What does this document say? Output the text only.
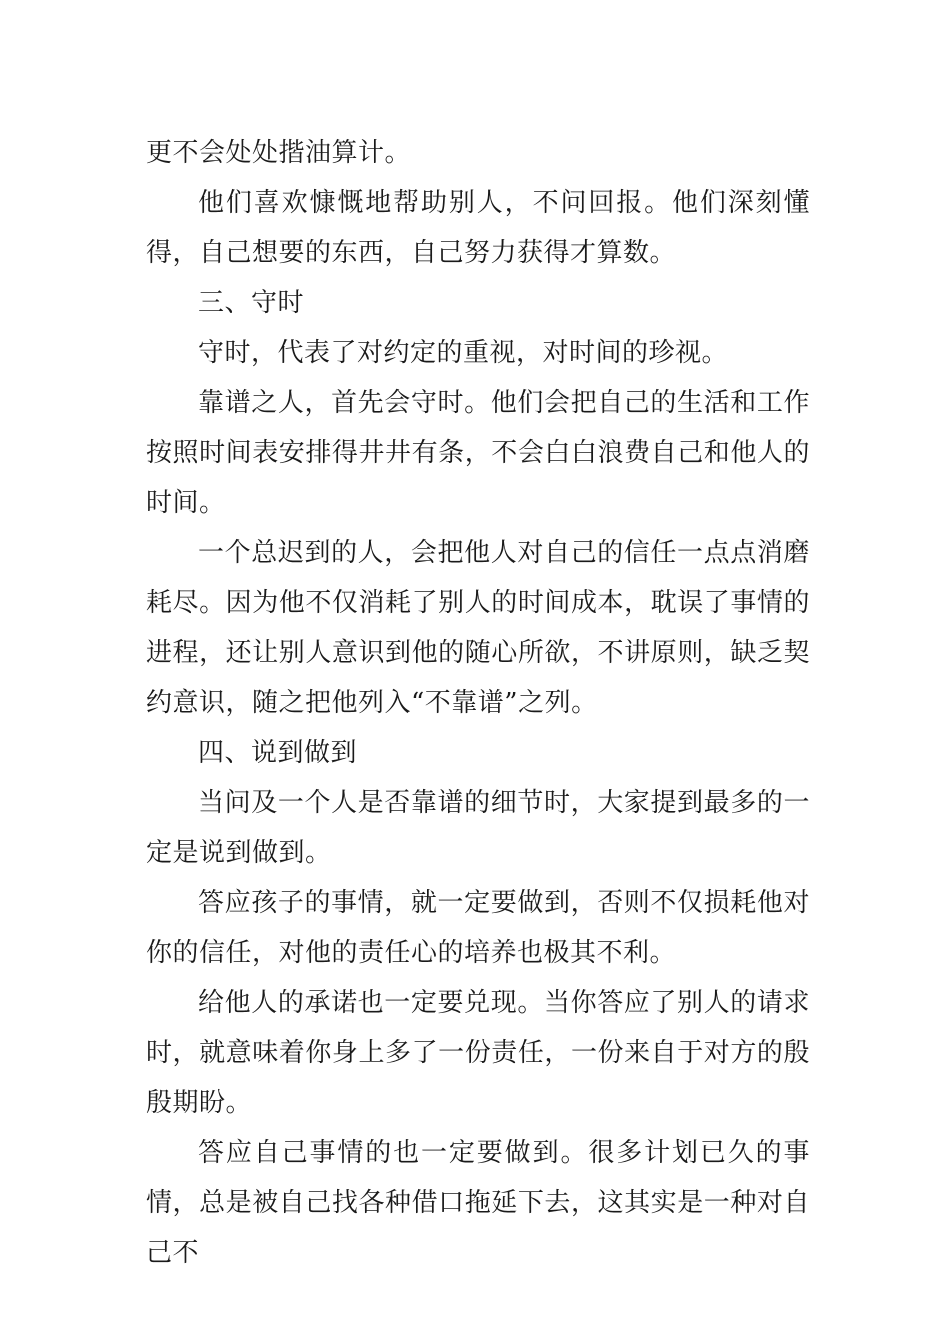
更不会处处揩油算计。

他们喜欢慷慨地帮助别人，不问回报。他们深刻懂得，自己想要的东西，自己努力获得才算数。

三、守时

守时，代表了对约定的重视，对时间的珍视。

靠谱之人，首先会守时。他们会把自己的生活和工作按照时间表安排得井井有条，不会白白浪费自己和他人的时间。

一个总迟到的人，会把他人对自己的信任一点点消磨耗尽。因为他不仅消耗了别人的时间成本，耽误了事情的进程，还让别人意识到他的随心所欲，不讲原则，缺乏契约意识，随之把他列入“不靠谱”之列。

四、说到做到

当问及一个人是否靠谱的细节时，大家提到最多的一定是说到做到。

答应孩子的事情，就一定要做到，否则不仅损耗他对你的信任，对他的责任心的培养也极其不利。

给他人的承诺也一定要兑现。当你答应了别人的请求时，就意味着你身上多了一份责任，一份来自于对方的殷殷期盼。

答应自己事情的也一定要做到。很多计划已久的事情，总是被自己找各种借口拖延下去，这其实是一种对自己不
